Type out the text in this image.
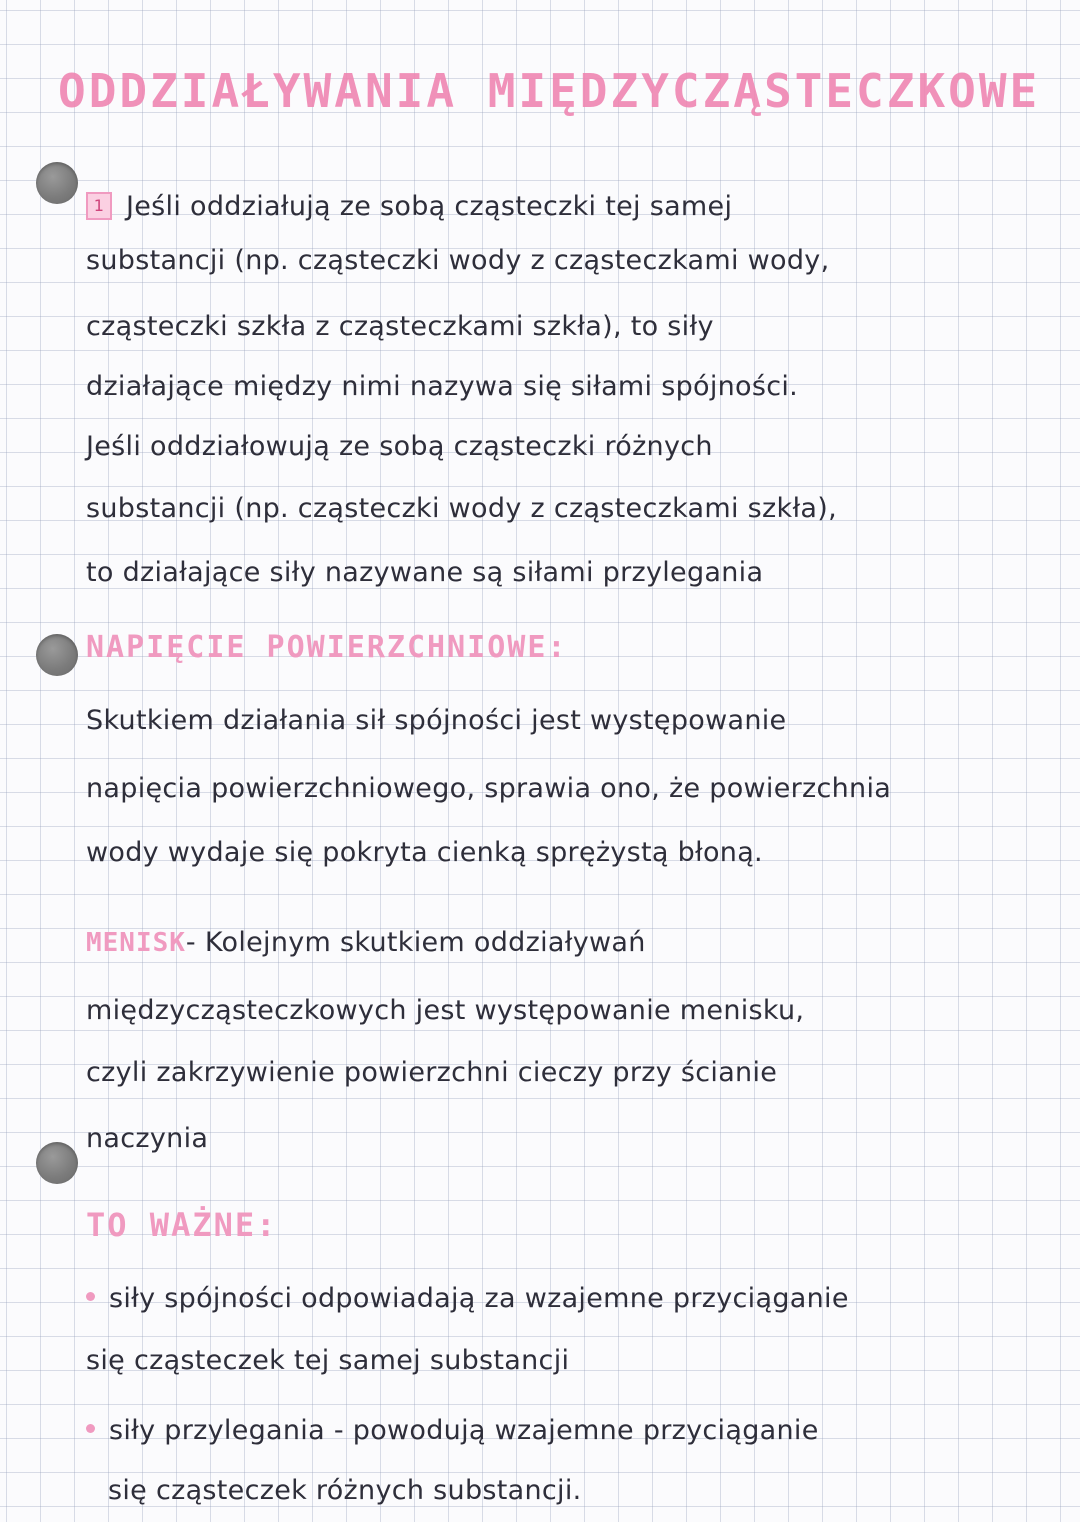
ODDZIAŁYWANIA MIĘDZYCZĄSTECZKOWE
1 Jeśli oddziałują ze sobą cząsteczki tej samej
substancji (np. cząsteczki wody z cząsteczkami wody,
cząsteczki szkła z cząsteczkami szkła), to siły
działające między nimi nazywa się siłami spójności.
Jeśli oddziałowują ze sobą cząsteczki różnych
substancji (np. cząsteczki wody z cząsteczkami szkła),
to działające siły nazywane są siłami przylegania
NAPIĘCIE POWIERZCHNIOWE:
Skutkiem działania sił spójności jest występowanie
napięcia powierzchniowego, sprawia ono, że powierzchnia
wody wydaje się pokryta cienką sprężystą błoną.
MENISK- Kolejnym skutkiem oddziaływań
międzycząsteczkowych jest występowanie menisku,
czyli zakrzywienie powierzchni cieczy przy ścianie
naczynia
TO WAŻNE:
siły spójności odpowiadają za wzajemne przyciąganie
się cząsteczek tej samej substancji
siły przylegania - powodują wzajemne przyciąganie
się cząsteczek różnych substancji.
